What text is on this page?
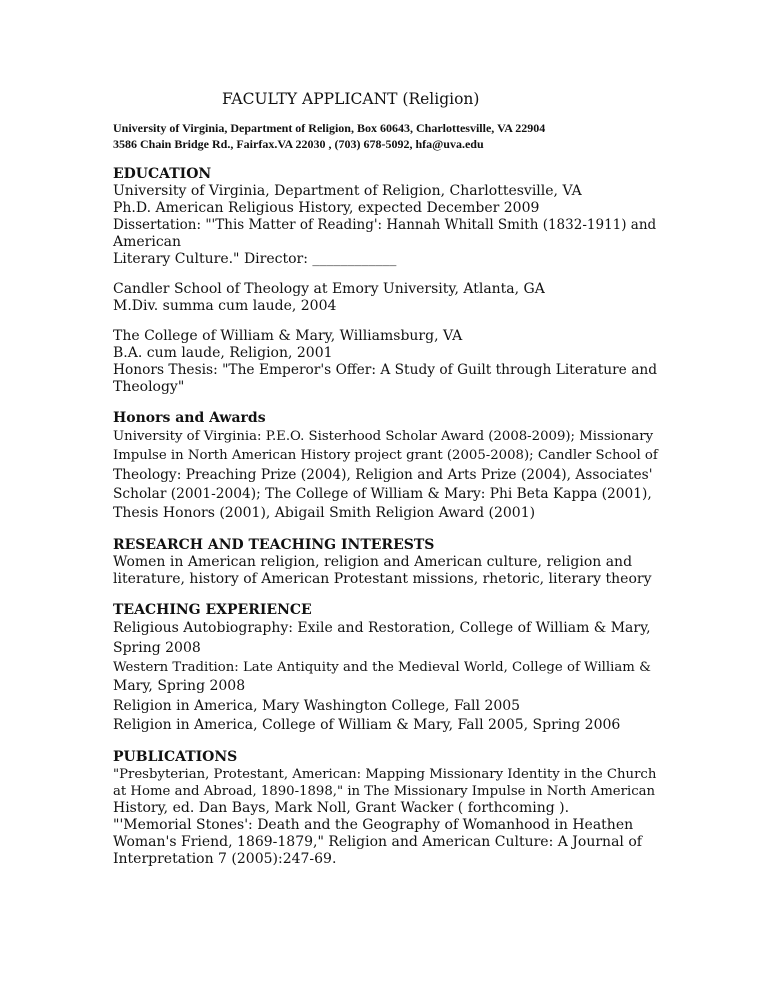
FACULTY APPLICANT (Religion)
University of Virginia, Department of Religion, Box 60643, Charlottesville, VA 22904
3586 Chain Bridge Rd., Fairfax.VA 22030 , (703) 678-5092, hfa@uva.edu
EDUCATION
University of Virginia, Department of Religion, Charlottesville, VA
Ph.D. American Religious History, expected December 2009
Dissertation: "'This Matter of Reading': Hannah Whitall Smith (1832-1911) and
American
Literary Culture." Director: ____________
Candler School of Theology at Emory University, Atlanta, GA
M.Div. summa cum laude, 2004
The College of William & Mary, Williamsburg, VA
B.A. cum laude, Religion, 2001
Honors Thesis: "The Emperor's Offer: A Study of Guilt through Literature and
Theology"
Honors and Awards
University of Virginia: P.E.O. Sisterhood Scholar Award (2008-2009); Missionary
Impulse in North American History project grant (2005-2008); Candler School of
Theology: Preaching Prize (2004), Religion and Arts Prize (2004), Associates'
Scholar (2001-2004); The College of William & Mary: Phi Beta Kappa (2001),
Thesis Honors (2001), Abigail Smith Religion Award (2001)
RESEARCH AND TEACHING INTERESTS
Women in American religion, religion and American culture, religion and
literature, history of American Protestant missions, rhetoric, literary theory
TEACHING EXPERIENCE
Religious Autobiography: Exile and Restoration, College of William & Mary,
Spring 2008
Western Tradition: Late Antiquity and the Medieval World, College of William &
Mary, Spring 2008
Religion in America, Mary Washington College, Fall 2005
Religion in America, College of William & Mary, Fall 2005, Spring 2006
PUBLICATIONS
"Presbyterian, Protestant, American: Mapping Missionary Identity in the Church
at Home and Abroad, 1890-1898," in The Missionary Impulse in North American
History, ed. Dan Bays, Mark Noll, Grant Wacker ( forthcoming ).
"'Memorial Stones': Death and the Geography of Womanhood in Heathen
Woman's Friend, 1869-1879," Religion and American Culture: A Journal of
Interpretation 7 (2005):247-69.
